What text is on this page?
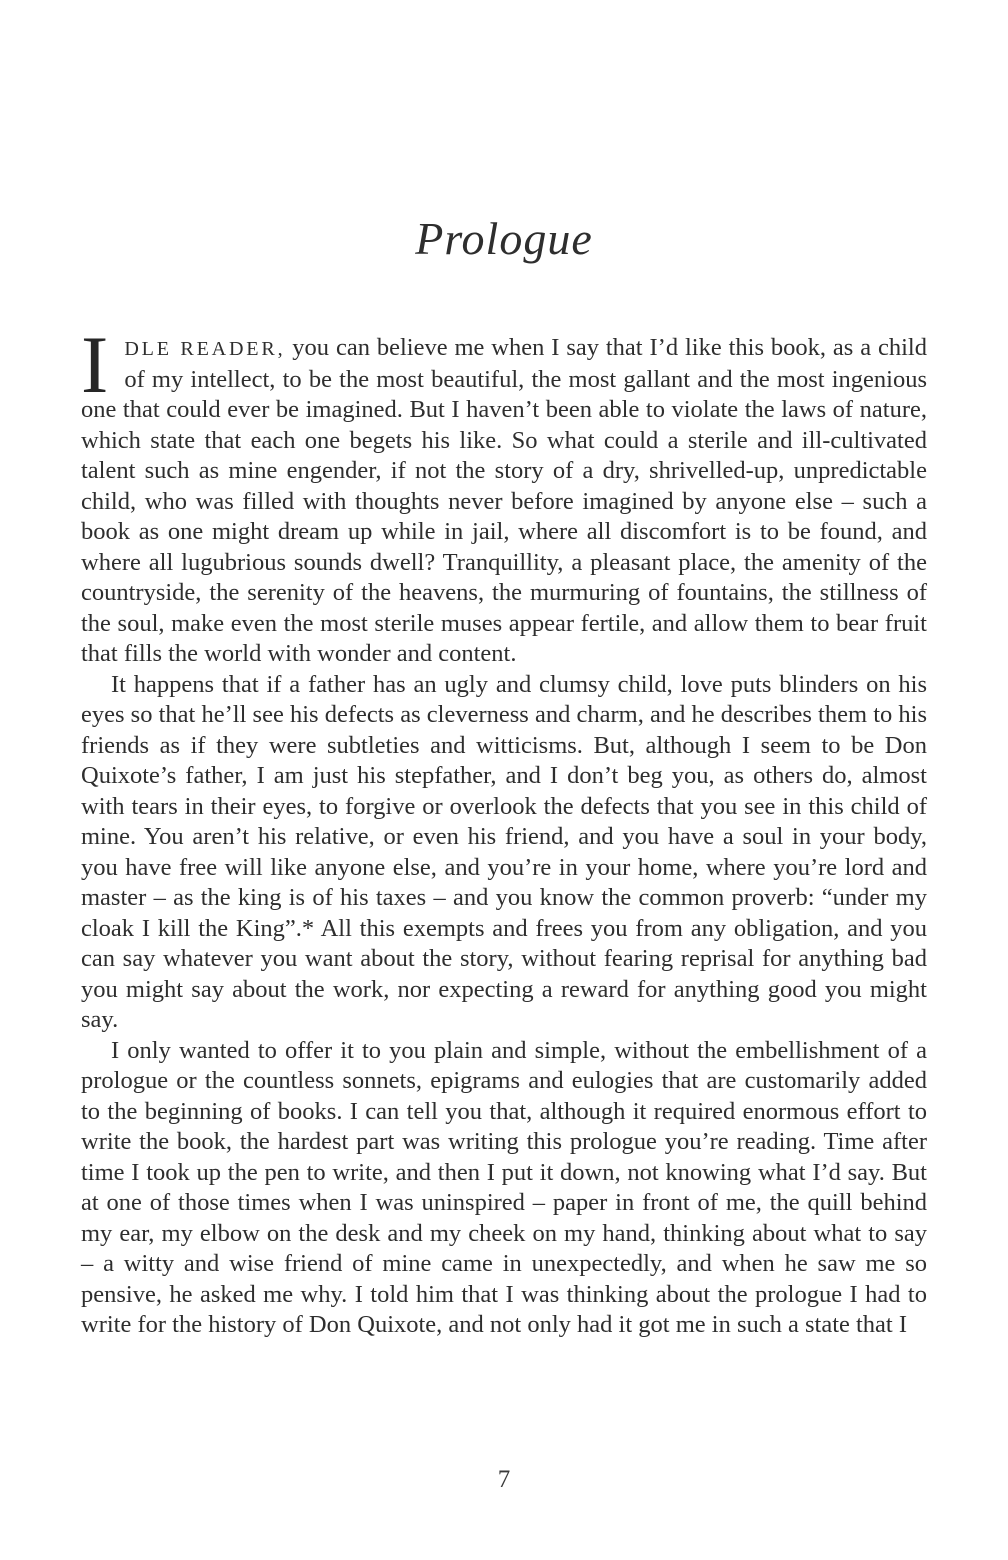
Prologue

IDLE READER, you can believe me when I say that I’d like this book, as a child of my intellect, to be the most beautiful, the most gallant and the most ingenious one that could ever be imagined. But I haven’t been able to violate the laws of nature, which state that each one begets his like. So what could a sterile and ill-cultivated talent such as mine engender, if not the story of a dry, shrivelled-up, unpredictable child, who was filled with thoughts never before imagined by anyone else – such a book as one might dream up while in jail, where all discomfort is to be found, and where all lugubrious sounds dwell? Tranquillity, a pleasant place, the amenity of the countryside, the serenity of the heavens, the murmuring of fountains, the stillness of the soul, make even the most sterile muses appear fertile, and allow them to bear fruit that fills the world with wonder and content.

It happens that if a father has an ugly and clumsy child, love puts blinders on his eyes so that he’ll see his defects as cleverness and charm, and he describes them to his friends as if they were subtleties and witticisms. But, although I seem to be Don Quixote’s father, I am just his stepfather, and I don’t beg you, as others do, almost with tears in their eyes, to forgive or overlook the defects that you see in this child of mine. You aren’t his relative, or even his friend, and you have a soul in your body, you have free will like anyone else, and you’re in your home, where you’re lord and master – as the king is of his taxes – and you know the common proverb: “under my cloak I kill the King”.* All this exempts and frees you from any obligation, and you can say whatever you want about the story, without fearing reprisal for anything bad you might say about the work, nor expecting a reward for anything good you might say.

I only wanted to offer it to you plain and simple, without the embellishment of a prologue or the countless sonnets, epigrams and eulogies that are customarily added to the beginning of books. I can tell you that, although it required enormous effort to write the book, the hardest part was writing this prologue you’re reading. Time after time I took up the pen to write, and then I put it down, not knowing what I’d say. But at one of those times when I was uninspired – paper in front of me, the quill behind my ear, my elbow on the desk and my cheek on my hand, thinking about what to say – a witty and wise friend of mine came in unexpectedly, and when he saw me so pensive, he asked me why. I told him that I was thinking about the prologue I had to write for the history of Don Quixote, and not only had it got me in such a state that I

7
